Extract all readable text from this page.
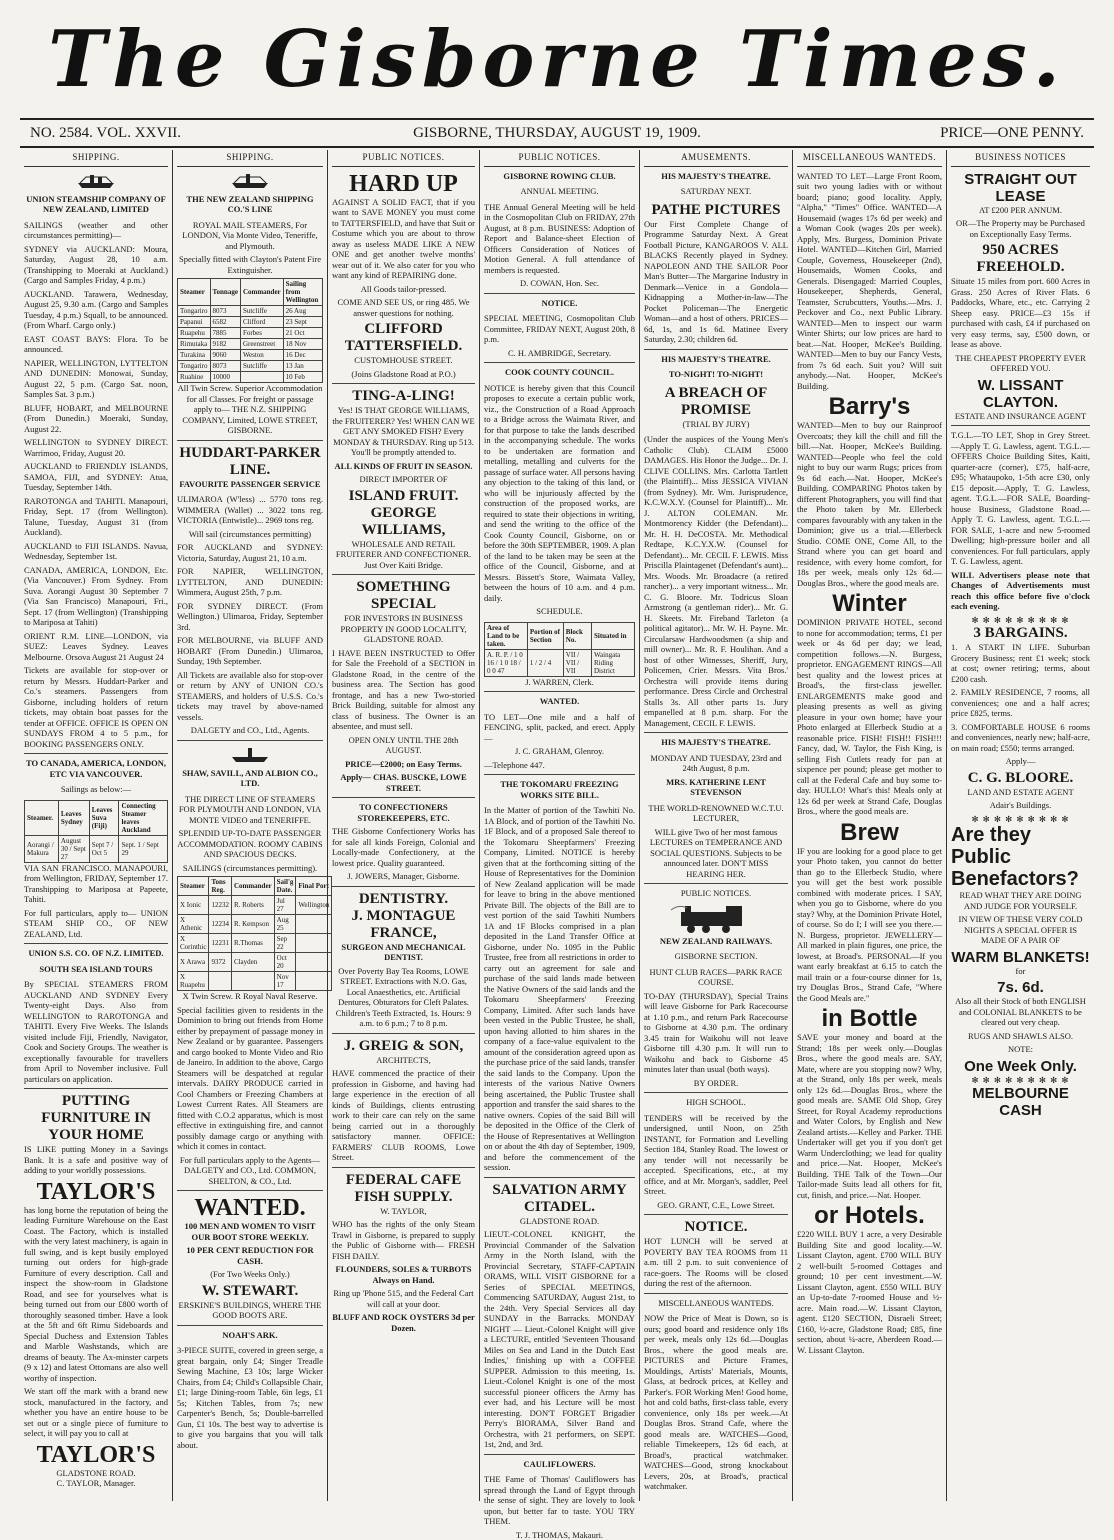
The Gisborne Times.
NO. 2584. VOL. XXVII.	GISBORNE, THURSDAY, AUGUST 19, 1909.	PRICE—ONE PENNY.
SHIPPING.
UNION STEAMSHIP COMPANY OF NEW ZEALAND, LIMITED

SAILINGS (weather and other circumstances permitting)—

SYDNEY via AUCKLAND: Moura, Saturday, August 28, 10 a.m. (Transhipping to Moeraki at Auckland.) (Cargo and Samples Friday, 4 p.m.)

AUCKLAND. Tarawera, Wednesday, August 25, 9.30 a.m. (Cargo and Samples Tuesday, 4 p.m.) Squall, to be announced. (From Wharf. Cargo only.)

EAST COAST BAYS: Flora. To be announced.

NAPIER, WELLINGTON, LYTTELTON AND DUNEDIN: Monowai, Sunday, August 22, 5 p.m. (Cargo Sat. noon, Samples Sat. 3 p.m.)

BLUFF, HOBART, and MELBOURNE (From Dunedin.) Moeraki, Sunday, August 22.

WELLINGTON to SYDNEY DIRECT. Warrimoo, Friday, August 20.

AUCKLAND to FRIENDLY ISLANDS, SAMOA, FIJI, and SYDNEY: Atua, Tuesday, September 14th.

RAROTONGA and TAHITI. Manapouri, Friday, Sept. 17 (from Wellington). Talune, Tuesday, August 31 (from Auckland).

AUCKLAND to FIJI ISLANDS. Navua, Wednesday, September 1st.

CANADA, AMERICA, LONDON, Etc. (Via Vancouver.) From Sydney. From Suva. Aorangi August 30 September 7 (Via San Francisco) Manapouri, Fri., Sept. 17 (from Wellington) (Transhipping to Mariposa at Tahiti)

ORIENT R.M. LINE—LONDON, via SUEZ: Leaves Sydney. Leaves Melbourne. Orsova August 21 August 24

Tickets are available for stop-over or return by Messrs. Huddart-Parker and Co.'s steamers. Passengers from Gisborne, including holders of return tickets, may obtain boat passes for the tender at OFFICE. OFFICE IS OPEN ON SUNDAYS FROM 4 to 5 p.m., for BOOKING PASSENGERS ONLY.

TO CANADA, AMERICA, LONDON, ETC VIA VANCOUVER.
Sailings as below:—
Steamer.	Leaves Sydney	Leaves Suva (Fiji)	Connecting Steamer leaves Auckland
Aorangi / Makura	August 30 / Sept 27	Sept 7 / Oct 5	Sept. 1 / Sept 29

VIA SAN FRANCISCO. MANAPOURI, from Wellington, FRIDAY, September 17. Transhipping to Mariposa at Papeete, Tahiti.

For full particulars, apply to— UNION STEAM SHIP CO., OF NEW ZEALAND, Ltd.

UNION S.S. CO. OF N.Z. LIMITED.
SOUTH SEA ISLAND TOURS

By SPECIAL STEAMERS FROM AUCKLAND AND SYDNEY Every Twenty-eight Days. Also from WELLINGTON to RAROTONGA and TAHITI. Every Five Weeks. The Islands visited include Fiji, Friendly, Navigator, Cook and Society Groups. The weather is exceptionally favourable for travellers from April to November inclusive. Full particulars on application.

PUTTING FURNITURE IN YOUR HOME

IS LIKE putting Money in a Savings Bank. It is a safe and positive way of adding to your worldly possessions.

TAYLOR'S

has long borne the reputation of being the leading Furniture Warehouse on the East Coast. The Factory, which is installed with the very latest machinery, is again in full swing, and is kept busily employed turning out orders for high-grade Furniture of every description. Call and inspect the show-room in Gladstone Road, and see for yourselves what is being turned out from our £800 worth of thoroughly seasoned timber. Have a look at the 5ft and 6ft Rimu Sideboards and Special Duchess and Extension Tables and Marble Washstands, which are dreams of beauty. The Ax-minster carpets (9 x 12) and latest Ottomans are also well worthy of inspection.

We start off the mark with a brand new stock, manufactured in the factory, and whether you have an entire house to be set out or a single piece of furniture to select, it will pay you to call at

TAYLOR'S
GLADSTONE ROAD.
C. TAYLOR, Manager.
SHIPPING.
THE NEW ZEALAND SHIPPING CO.'S LINE

ROYAL MAIL STEAMERS, For LONDON, Via Monte Video, Teneriffe, and Plymouth.

Specially fitted with Clayton's Patent Fire Extinguisher.

Steamer	Tonnage	Commander	Sailing from Wellington
Tongariro	8073	Sutcliffe	26 Aug
Papanui	6582	Clifford	23 Sept
Ruapehu	7885	Forbes	21 Oct
Rimutaka	9182	Greenstreet	18 Nov
Turakina	9060	Weston	16 Dec
Tongariro	8073	Sutcliffe	13 Jan
Ruahine	10000		10 Feb

All Twin Screw. Superior Accommodation for all Classes. For freight or passage apply to— THE N.Z. SHIPPING COMPANY, Limited, LOWE STREET, GISBORNE.

HUDDART-PARKER LINE.
FAVOURITE PASSENGER SERVICE

ULIMAROA (W'less) ... 5770 tons reg. WIMMERA (Wallet) ... 3022 tons reg. VICTORIA (Entwistle)... 2969 tons reg.

Will sail (circumstances permitting)

FOR AUCKLAND and SYDNEY: Victoria, Saturday, August 21, 10 a.m.

FOR NAPIER, WELLINGTON, LYTTELTON, AND DUNEDIN: Wimmera, August 25th, 7 p.m.

FOR SYDNEY DIRECT. (From Wellington.) Ulimaroa, Friday, September 3rd.

FOR MELBOURNE, via BLUFF AND HOBART (From Dunedin.) Ulimaroa, Sunday, 19th September.

All Tickets are available also for stop-over or return by ANY of UNION CO.'s STEAMERS, and holders of U.S.S. Co.'s tickets may travel by above-named vessels.

DALGETY and CO., Ltd., Agents.

SHAW, SAVILL, AND ALBION CO., LTD.

THE DIRECT LINE OF STEAMERS FOR PLYMOUTH AND LONDON, VIA MONTE VIDEO and TENERIFFE.

SPLENDID UP-TO-DATE PASSENGER ACCOMMODATION. ROOMY CABINS AND SPACIOUS DECKS.

SAILINGS (circumstances permitting).

Steamer	Tons Reg.	Commander	Sail'g Date.	Final Port
X Ionic	12232	R. Roberts	Jul 27	Wellington
X Athenic	12234	R. Kempson	Aug 25	
X Corinthic	12231	R.Thomas	Sep 22	
X Arawa	9372	Clayden	Oct 20	
X Ruapehu			Nov 17	

X Twin Screw. R Royal Naval Reserve.

Special facilities given to residents in the Dominion to bring out friends from Home either by prepayment of passage money in New Zealand or by guarantee. Passengers and cargo booked to Monte Video and Rio de Janeiro. In addition to the above, Cargo Steamers will be despatched at regular intervals. DAIRY PRODUCE carried in Cool Chambers or Freezing Chambers at Lowest Current Rates. All Steamers are fitted with C.O.2 apparatus, which is most effective in extinguishing fire, and cannot possibly damage cargo or anything with which it comes in contact.

For full particulars apply to the Agents— DALGETY and CO., Ltd. COMMON, SHELTON, & CO., Ltd.

WANTED.

100 MEN AND WOMEN TO VISIT OUR BOOT STORE WEEKLY.

10 PER CENT REDUCTION FOR CASH.

(For Two Weeks Only.)

W. STEWART.

ERSKINE'S BUILDINGS, WHERE THE GOOD BOOTS ARE.

NOAH'S ARK.

3-PIECE SUITE, covered in green serge, a great bargain, only £4; Singer Treadle Sewing Machine, £3 10s; large Wicker Chairs, from £4; Child's Collapsible Chair, £1; large Dining-room Table, 6in legs, £1 5s; Kitchen Tables, from 7s; new Carpenter's Bench, 5s; Double-barrelled Gun, £1 10s. The best way to advertise is to give you bargains that you will talk about.

PUBLIC NOTICES.
HARD UP

AGAINST A SOLID FACT, that if you want to SAVE MONEY you must come to TATTERSFIELD, and have that Suit or Costume which you are about to throw away as useless MADE LIKE A NEW ONE and get another twelve months' wear out of it. We also cater for you who want any kind of REPAIRING done.

All Goods tailor-pressed.

COME AND SEE US, or ring 485. We answer questions for nothing.

CLIFFORD TATTERSFIELD.

CUSTOMHOUSE STREET.

(Joins Gladstone Road at P.O.)

TING-A-LING!

Yes! IS THAT GEORGE WILLIAMS, the FRUITERER? Yes! WHEN CAN WE GET ANY SMOKED FISH? Every MONDAY & THURSDAY. Ring up 513. You'll be promptly attended to.

ALL KINDS OF FRUIT IN SEASON.

DIRECT IMPORTER OF

ISLAND FRUIT.
GEORGE WILLIAMS,

WHOLESALE AND RETAIL FRUITERER AND CONFECTIONER. Just Over Kaiti Bridge.

SOMETHING SPECIAL

FOR INVESTORS IN BUSINESS PROPERTY IN GOOD LOCALITY, GLADSTONE ROAD.

I HAVE BEEN INSTRUCTED to Offer for Sale the Freehold of a SECTION in Gladstone Road, in the centre of the business area. The Section has good frontage, and has a new Two-storied Brick Building, suitable for almost any class of business. The Owner is an absentee, and must sell.

OPEN ONLY UNTIL THE 28th AUGUST.

PRICE—£2000; on Easy Terms.

Apply— CHAS. BUSCKE, LOWE STREET.

TO CONFECTIONERS STOREKEEPERS, ETC.

THE Gisborne Confectionery Works has for sale all kinds Foreign, Colonial and Locally-made Confectionery, at the lowest price. Quality guaranteed.

J. JOWERS, Manager, Gisborne.

DENTISTRY.
J. MONTAGUE FRANCE,

SURGEON AND MECHANICAL DENTIST.

Over Poverty Bay Tea Rooms, LOWE STREET. Extractions with N.O. Gas, Local Anaesthetics, etc. Artificial Dentures, Obturators for Cleft Palates. Children's Teeth Extracted, 1s. Hours: 9 a.m. to 6 p.m.; 7 to 8 p.m.

J. GREIG & SON,

ARCHITECTS,

HAVE commenced the practice of their profession in Gisborne, and having had large experience in the erection of all kinds of Buildings, clients entrusting work to their care can rely on the same being carried out in a thoroughly satisfactory manner. OFFICE: FARMERS' CLUB ROOMS, Lowe Street.

FEDERAL CAFE FISH SUPPLY.

W. TAYLOR,

WHO has the rights of the only Steam Trawl in Gisborne, is prepared to supply the Public of Gisborne with— FRESH FISH DAILY.

FLOUNDERS, SOLES & TURBOTS Always on Hand.

Ring up 'Phone 515, and the Federal Cart will call at your door.

BLUFF AND ROCK OYSTERS 3d per Dozen.

PUBLIC NOTICES.
GISBORNE ROWING CLUB.
ANNUAL MEETING.

THE Annual General Meeting will be held in the Cosmopolitan Club on FRIDAY, 27th August, at 8 p.m. BUSINESS: Adoption of Report and Balance-sheet Election of Officers Consideration of Notices of Motion General. A full attendance of members is requested.

D. COWAN, Hon. Sec.

NOTICE.

SPECIAL MEETING, Cosmopolitan Club Committee, FRIDAY NEXT, August 20th, 8 p.m.

C. H. AMBRIDGE, Secretary.

COOK COUNTY COUNCIL.

NOTICE is hereby given that this Council proposes to execute a certain public work, viz., the Construction of a Road Approach to a Bridge across the Waimata River, and for that purpose to take the lands described in the accompanying schedule. The works to be undertaken are formation and metalling, metalling and culverts for the passage of surface water. All persons having any objection to the taking of this land, or who will be injuriously affected by the construction of the proposed works, are required to state their objections in writing, and send the writing to the office of the Cook County Council, Gisborne, on or before the 30th SEPTEMBER, 1909. A plan of the land to be taken may be seen at the office of the Council, Gisborne, and at Messrs. Bissett's Store, Waimata Valley, between the hours of 10 a.m. and 4 p.m. daily.

SCHEDULE.
Area of Land to be taken.	Portion of Section	Block No.	Situated in
A. R. P. / 1 0 16 / 1 0 18 / 0 0 47	1 / 2 / 4	VII / VII / VII	Waingata Riding District

J. WARREN, Clerk.

WANTED.

TO LET—One mile and a half of FENCING, split, packed, and erect. Apply—

J. C. GRAHAM, Glenroy.

—Telephone 447.

THE TOKOMARU FREEZING WORKS SITE BILL.

In the Matter of portion of the Tawhiti No. 1A Block, and of portion of the Tawhiti No. 1F Block, and of a proposed Sale thereof to the Tokomaru Sheepfarmers' Freezing Company, Limited. NOTICE is hereby given that at the forthcoming sitting of the House of Representatives for the Dominion of New Zealand application will be made for leave to bring in the above mentioned Private Bill. The objects of the Bill are to vest portion of the said Tawhiti Numbers 1A and 1F Blocks comprised in a plan deposited in the Land Transfer Office at Gisborne, under No. 1095 in the Public Trustee, free from all restrictions in order to carry out an agreement for sale and purchase of the said lands made between the Native Owners of the said lands and the Tokomaru Sheepfarmers' Freezing Company, Limited. After such lands have been vested in the Public Trustee, he shall, upon having allotted to him shares in the company of a face-value equivalent to the amount of the consideration agreed upon as the purchase price of the said lands, transfer the said lands to the Company. Upon the interests of the various Native Owners being ascertained, the Public Trustee shall apportion and transfer the said shares to the native owners. Copies of the said Bill will be deposited in the Office of the Clerk of the House of Representatives at Wellington on or about the 4th day of September, 1909, and before the commencement of the session.

SALVATION ARMY CITADEL.

GLADSTONE ROAD.

LIEUT.-COLONEL KNIGHT, the Provincial Commander of the Salvation Army in the North Island, with the Provincial Secretary, STAFF-CAPTAIN ORAMS, WILL VISIT GISBORNE for a Series of SPECIAL MEETINGS, Commencing SATURDAY, August 21st, to the 24th. Very Special Services all day SUNDAY in the Barracks. MONDAY NIGHT — Lieut.-Colonel Knight will give a LECTURE, entitled 'Seventeen Thousand Miles on Sea and Land in the Dutch East Indies,' finishing up with a COFFEE SUPPER. Admission to this meeting, 1s. Lieut.-Colonel Knight is one of the most successful pioneer officers the Army has ever had, and his Lecture will be most interesting. DON'T FORGET Brigadier Perry's BIORAMA, Silver Band and Orchestra, with 21 performers, on SEPT. 1st, 2nd, and 3rd.

CAULIFLOWERS.

THE Fame of Thomas' Cauliflowers has spread through the Land of Egypt through the sense of sight. They are lovely to look upon, but better far to taste. YOU TRY THEM.

T. J. THOMAS, Makauri.

AMUSEMENTS.
HIS MAJESTY'S THEATRE.
SATURDAY NEXT.
PATHE PICTURES

Our First Complete Change of Programme Saturday Next. A Great Football Picture, KANGAROOS V. ALL BLACKS Recently played in Sydney. NAPOLEON AND THE SAILOR Poor Man's Butter—The Margarine Industry in Denmark—Venice in a Gondola—Kidnapping a Mother-in-law—The Pocket Policeman—The Energetic Woman—and a host of others. PRICES—6d, 1s, and 1s 6d. Matinee Every Saturday, 2.30; children 6d.

HIS MAJESTY'S THEATRE.
TO-NIGHT! TO-NIGHT!
A BREACH OF PROMISE
(TRIAL BY JURY)

(Under the auspices of the Young Men's Catholic Club). CLAIM £5000 DAMAGES. His Honor the Judge... Dr. J. CLIVE COLLINS. Mrs. Carlotta Tartlett (the Plaintiff)... Miss JESSICA VIVIAN (from Sydney). Mr. Wm. Jurisprudence, K.C.W.X.Y. (Counsel for Plaintiff)... Mr. J. ALTON COLEMAN. Mr. Montmorency Kidder (the Defendant)... Mr. H. H. DeCOSTA. Mr. Methodical Redtape, K.C.Y.X.W. (Counsel for Defendant)... Mr. CECIL F. LEWIS. Miss Priscilla Plaintagenet (Defendant's aunt)... Mrs. Woods. Mr. Broadacre (a retired rancher)... a very important witness... Mr. C. G. Bloore. Mr. Todricus Sloan Armstrong (a gentleman rider)... Mr. G. H. Skeets. Mr. Fireband Tarleton (a political agitator)... Mr. W. H. Payne. Mr. Circularsaw Hardwoodsmen (a ship and mill owner)... Mr. R. F. Houlihan. And a host of other Witnesses, Sheriff, Jury, Policemen, Crier. Messrs. Vita Bros.' Orchestra will provide items during performance. Dress Circle and Orchestral Stalls 3s. All other parts 1s. Jury empanelled at 8 p.m. sharp. For the Management, CECIL F. LEWIS.

HIS MAJESTY'S THEATRE.

MONDAY AND TUESDAY, 23rd and 24th August, 8 p.m.

MRS. KATHERINE LENT STEVENSON

THE WORLD-RENOWNED W.C.T.U. LECTURER,

WILL give Two of her most famous LECTURES on TEMPERANCE AND SOCIAL QUESTIONS. Subjects to be announced later. DON'T MISS HEARING HER.

PUBLIC NOTICES.
NEW ZEALAND RAILWAYS.
GISBORNE SECTION.

HUNT CLUB RACES—PARK RACE COURSE.

TO-DAY (THURSDAY), Special Trains will leave Gisborne for Park Racecourse at 1.10 p.m., and return Park Racecourse to Gisborne at 4.30 p.m. The ordinary 3.45 train for Waikohu will not leave Gisborne till 4.30 p.m. It will run to Waikohu and back to Gisborne 45 minutes later than usual (both ways).

BY ORDER.

HIGH SCHOOL.

TENDERS will be received by the undersigned, until Noon, on 25th INSTANT, for Formation and Levelling Section 184, Stanley Road. The lowest or any tender will not necessarily be accepted. Specifications, etc., at my office, and at Mr. Morgan's, saddler, Peel Street.

GEO. GRANT, C.E., Lowe Street.

NOTICE.

HOT LUNCH will be served at POVERTY BAY TEA ROOMS from 11 a.m. till 2 p.m. to suit convenience of race-goers. The Rooms will be closed during the rest of the afternoon.

MISCELLANEOUS WANTEDS.

NOW the Price of Meat is Down, so is ours; good board and residence only 18s per week, meals only 12s 6d.—Douglas Bros., where the good meals are. PICTURES and Picture Frames, Mouldings, Artists' Materials, Mounts, Glass, at bedrock prices, at Kelley and Parker's. FOR Working Men! Good home, hot and cold baths, first-class table, every convenience, only 18s per week.—At Douglas Bros. Strand Cafe, where the good meals are. WATCHES—Good, reliable Timekeepers, 12s 6d each, at Broad's, practical watchmaker. WATCHES—Good, strong knockabout Levers, 20s, at Broad's, practical watchmaker.

MISCELLANEOUS WANTEDS.

WANTED TO LET—Large Front Room, suit two young ladies with or without board; piano; good locality. Apply, "Alpha," "Times" Office. WANTED—A Housemaid (wages 17s 6d per week) and a Woman Cook (wages 20s per week). Apply, Mrs. Burgess, Dominion Private Hotel. WANTED—Kitchen Girl, Married Couple, Governess, Housekeeper (2nd), Housemaids, Women Cooks, and Generals. Disengaged: Married Couples, Housekeeper, Shepherds, General, Teamster, Scrubcutters, Youths.—Mrs. J. Peckover and Co., next Public Library. WANTED—Men to inspect our warm Winter Shirts; our low prices are hard to beat.—Nat. Hooper, McKee's Building. WANTED—Men to buy our Fancy Vests, from 7s 6d each. Suit you? Will suit anybody.—Nat. Hooper, McKee's Building.

Barry's

WANTED—Men to buy our Rainproof Overcoats; they kill the chill and fill the bill.—Nat. Hooper, McKee's Building. WANTED—People who feel the cold night to buy our warm Rugs; prices from 9s 6d each.—Nat. Hooper, McKee's Building. COMPARING Photos taken by different Photographers, you will find that the Photo taken by Mr. Ellerbeck compares favourably with any taken in the Dominion; give us a trial.—Ellerbeck Studio. COME ONE, Come All, to the Strand where you can get board and residence, with every home comfort, for 18s per week, meals only 12s 6d.—Douglas Bros., where the good meals are.

Winter

DOMINION PRIVATE HOTEL, second to none for accommodation; terms, £1 per week or 4s 6d per day; we lead, competition follows.—N. Burgess, proprietor. ENGAGEMENT RINGS—All best quality and the lowest prices at Broad's, the first-class jeweller. ENLARGEMENTS make good and pleasing presents as well as giving pleasure in your own home; have your Photo enlarged at Ellerbeck Studio at a reasonable price. FISH! FISH!! FISH!!! Fancy, dad, W. Taylor, the Fish King, is selling Fish Cutlets ready for pan at sixpence per pound; please get mother to call at the Federal Cafe and buy some to-day. HULLO! What's this! Meals only at 12s 6d per week at Strand Cafe, Douglas Bros., where the good meals are.

Brew

IF you are looking for a good place to get your Photo taken, you cannot do better than go to the Ellerbeck Studio, where you will get the best work possible combined with moderate prices. I SAY, when you go to Gisborne, where do you stay? Why, at the Dominion Private Hotel, of course. So do I; I will see you there.—N. Burgess, proprietor. JEWELLERY—All marked in plain figures, one price, the lowest, at Broad's. PERSONAL—If you want early breakfast at 6.15 to catch the mail train or a four-course dinner for 1s, try Douglas Bros., Strand Cafe, "Where the Good Meals are."

in Bottle

SAVE your money and board at the Strand; 18s per week only.—Douglas Bros., where the good meals are. SAY, Mate, where are you stopping now? Why, at the Strand, only 18s per week, meals only 12s 6d.—Douglas Bros., where the good meals are. SAME Old Shop, Grey Street, for Royal Academy reproductions and Water Colors, by English and New Zealand artists.—Kelley and Parker. THE Undertaker will get you if you don't get Warm Underclothing; we lead for quality and price.—Nat. Hooper, McKee's Building. THE Talk of the Town—Our Tailor-made Suits lead all others for fit, cut, finish, and price.—Nat. Hooper.

or Hotels.

£220 WILL BUY 1 acre, a very Desirable Building Site and good locality.—W. Lissant Clayton, agent. £700 WILL BUY 2 well-built 5-roomed Cottages and ground; 10 per cent investment.—W. Lissant Clayton, agent. £550 WILL BUY an Up-to-date 7-roomed House and ½-acre. Main road.—W. Lissant Clayton, agent. £120 SECTION, Disraeli Street; £160, ½-acre, Gladstone Road; £85, fine section, about ¼-acre, Aberdeen Road.—W. Lissant Clayton.

BUSINESS NOTICES
STRAIGHT OUT LEASE

AT £200 PER ANNUM.

OR—The Property may be Purchased on Exceptionally Easy Terms.

950 ACRES FREEHOLD.

Situate 15 miles from port. 600 Acres in Grass. 250 Acres of River Flats. 6 Paddocks, Whare, etc., etc. Carrying 2 Sheep easy. PRICE—£3 15s if purchased with cash, £4 if purchased on very easy terms, say, £500 down, or lease as above.

THE CHEAPEST PROPERTY EVER OFFERED YOU.

W. LISSANT CLAYTON.

ESTATE AND INSURANCE AGENT

T.G.L.—TO LET, Shop in Grey Street.—Apply T. G. Lawless, agent. T.G.L.—OFFERS Choice Building Sites, Kaiti, quarter-acre (corner), £75, half-acre, £95; Whataupoko, 1-5th acre £30, only £15 deposit.—Apply, T. G. Lawless, agent. T.G.L.—FOR SALE, Boarding-house Business, Gladstone Road.—Apply T. G. Lawless, agent. T.G.L.—FOR SALE, 1-acre and new 5-roomed Dwelling; high-pressure boiler and all conveniences. For full particulars, apply T. G. Lawless, agent.

WILL Advertisers please note that Changes of Advertisements must reach this office before five o'clock each evening.

✻ ✻ ✻ ✻ ✻ ✻ ✻ ✻ ✻
3 BARGAINS.

1. A START IN LIFE. Suburban Grocery Business; rent £1 week; stock at cost; owner retiring; terms, about £200 cash.

2. FAMILY RESIDENCE, 7 rooms, all conveniences; one and a half acres; price £825, terms.

3. COMFORTABLE HOUSE 6 rooms and conveniences, nearly new; half-acre, on main road; £550; terms arranged.

Apply—

C. G. BLOORE.

LAND AND ESTATE AGENT

Adair's Buildings.

✻ ✻ ✻ ✻ ✻ ✻ ✻ ✻ ✻
Are they Public Benefactors?

READ WHAT THEY ARE DOING AND JUDGE FOR YOURSELF.

IN VIEW OF THESE VERY COLD NIGHTS A SPECIAL OFFER IS MADE OF A PAIR OF

WARM BLANKETS!

for

7s. 6d.

Also all their Stock of both ENGLISH and COLONIAL BLANKETS to be cleared out very cheap.

RUGS AND SHAWLS ALSO.

NOTE:

One Week Only.
✻ ✻ ✻ ✻ ✻ ✻ ✻ ✻ ✻
MELBOURNE CASH
